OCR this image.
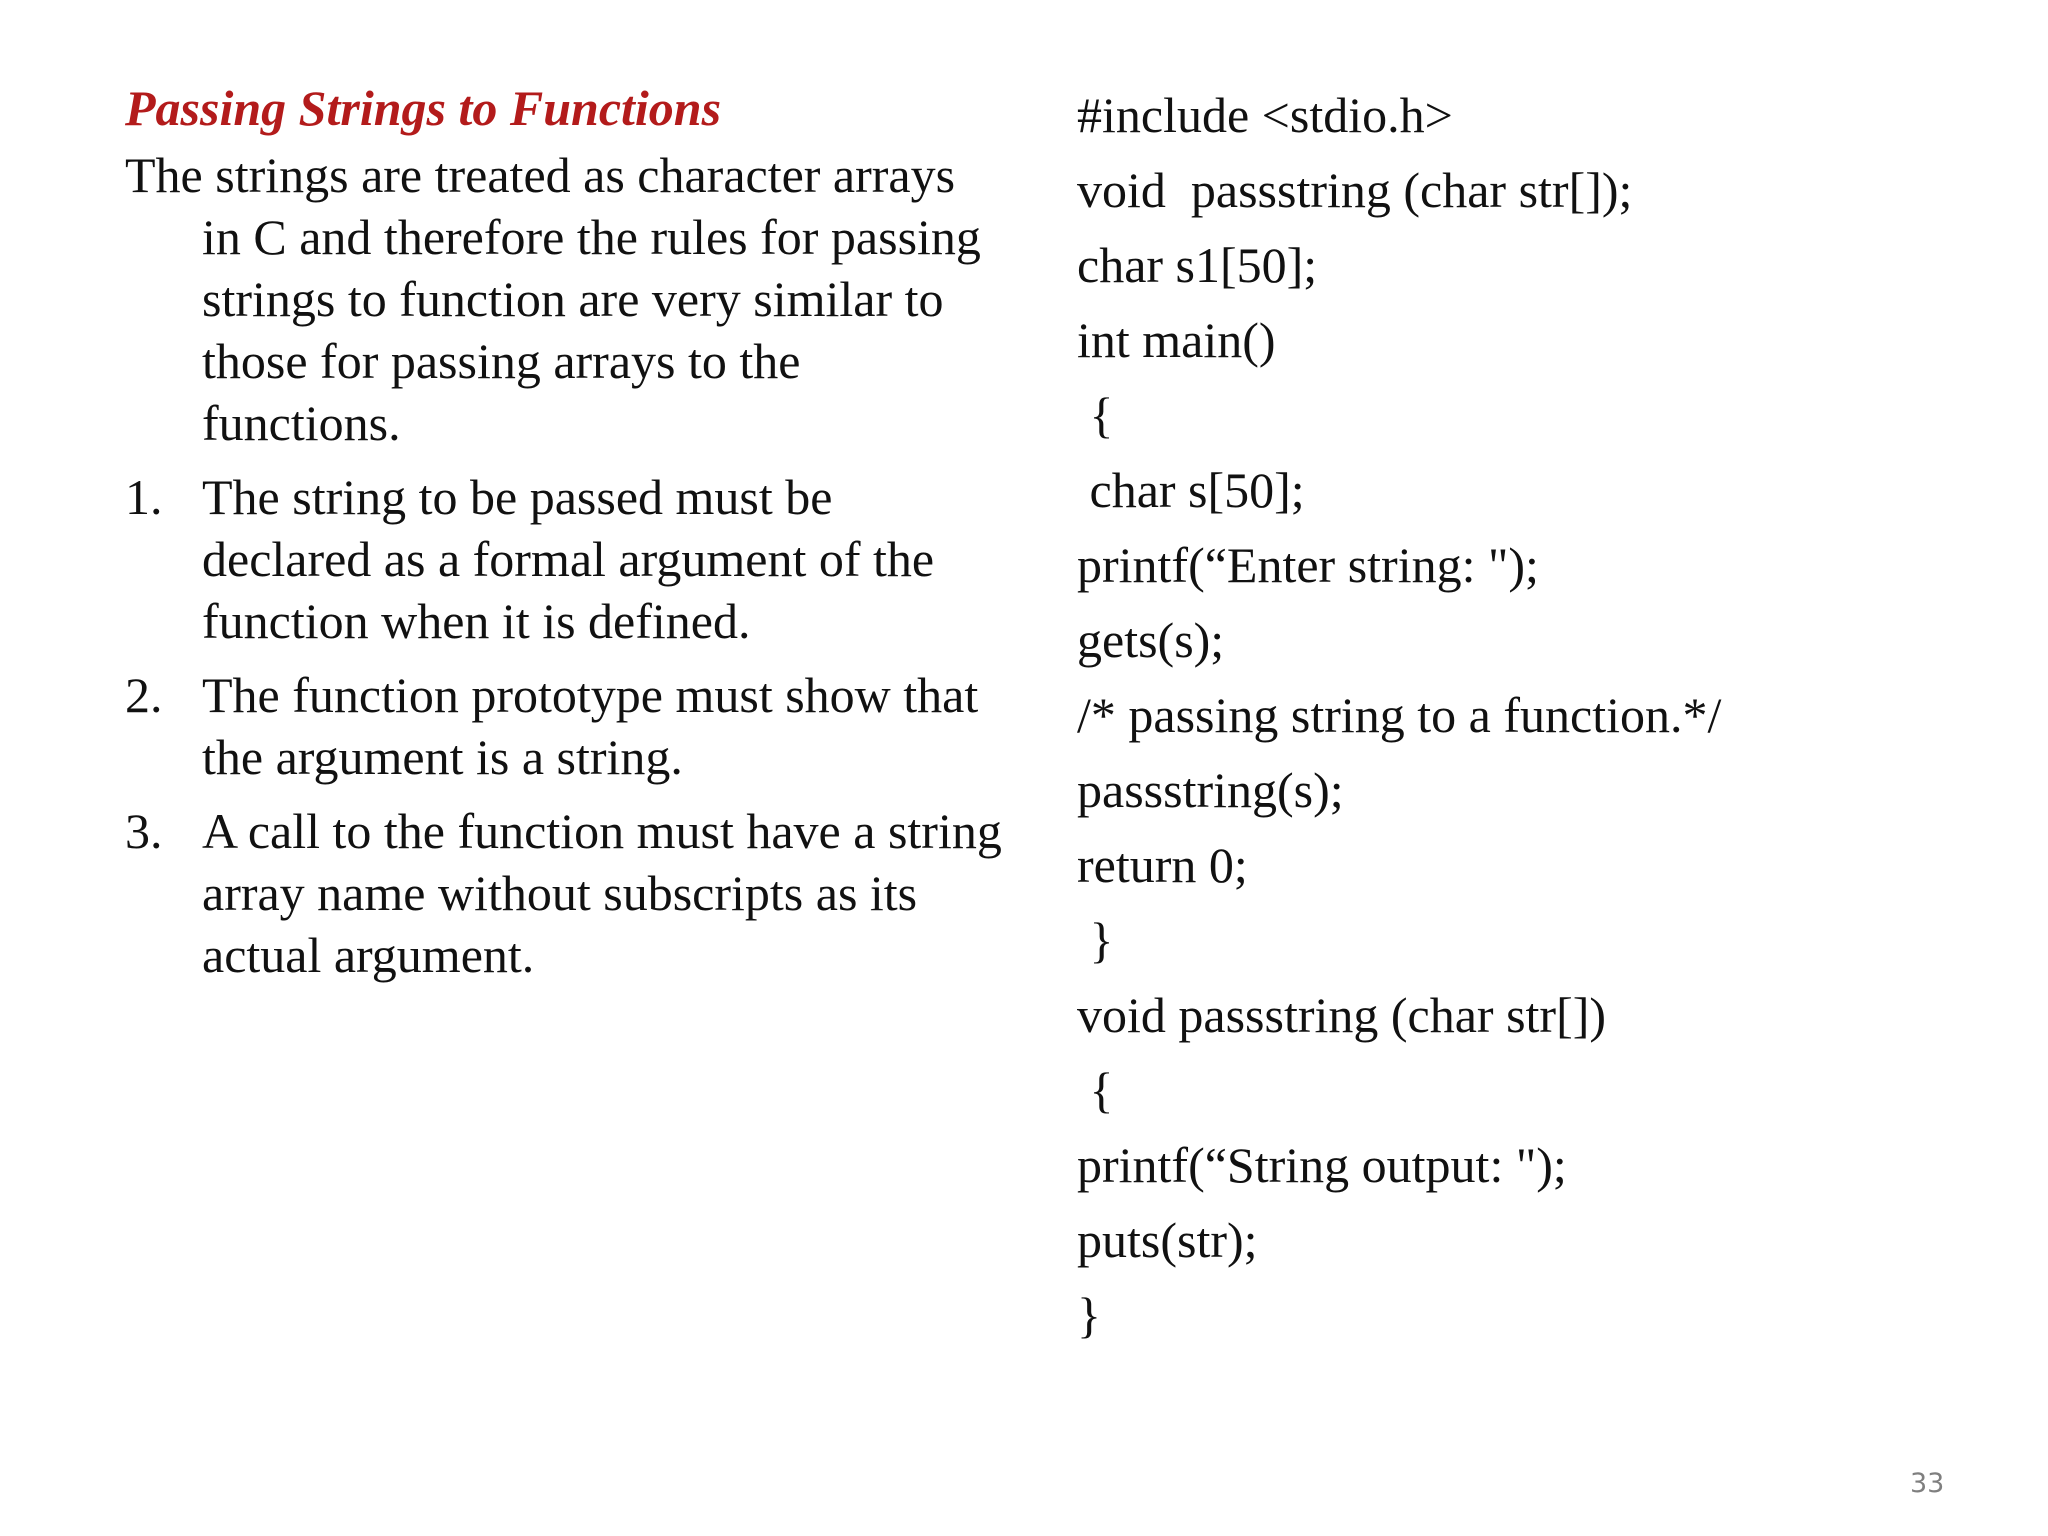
Passing Strings to Functions
The strings are treated as character arrays in C and therefore the rules for passing strings to function are very similar to those for passing arrays to the functions.
1. The string to be passed must be declared as a formal argument of the function when it is defined.
2. The function prototype must show that the argument is a string.
3. A call to the function must have a string array name without subscripts as its actual argument.
#include <stdio.h>
void  passstring (char str[]);
char s1[50];
int main()
{
char s[50];
printf(“Enter string: ");
gets(s);
/* passing string to a function.*/
passstring(s);
return 0;
}
void passstring (char str[])
{
printf(“String output: ");
puts(str);
}
33
